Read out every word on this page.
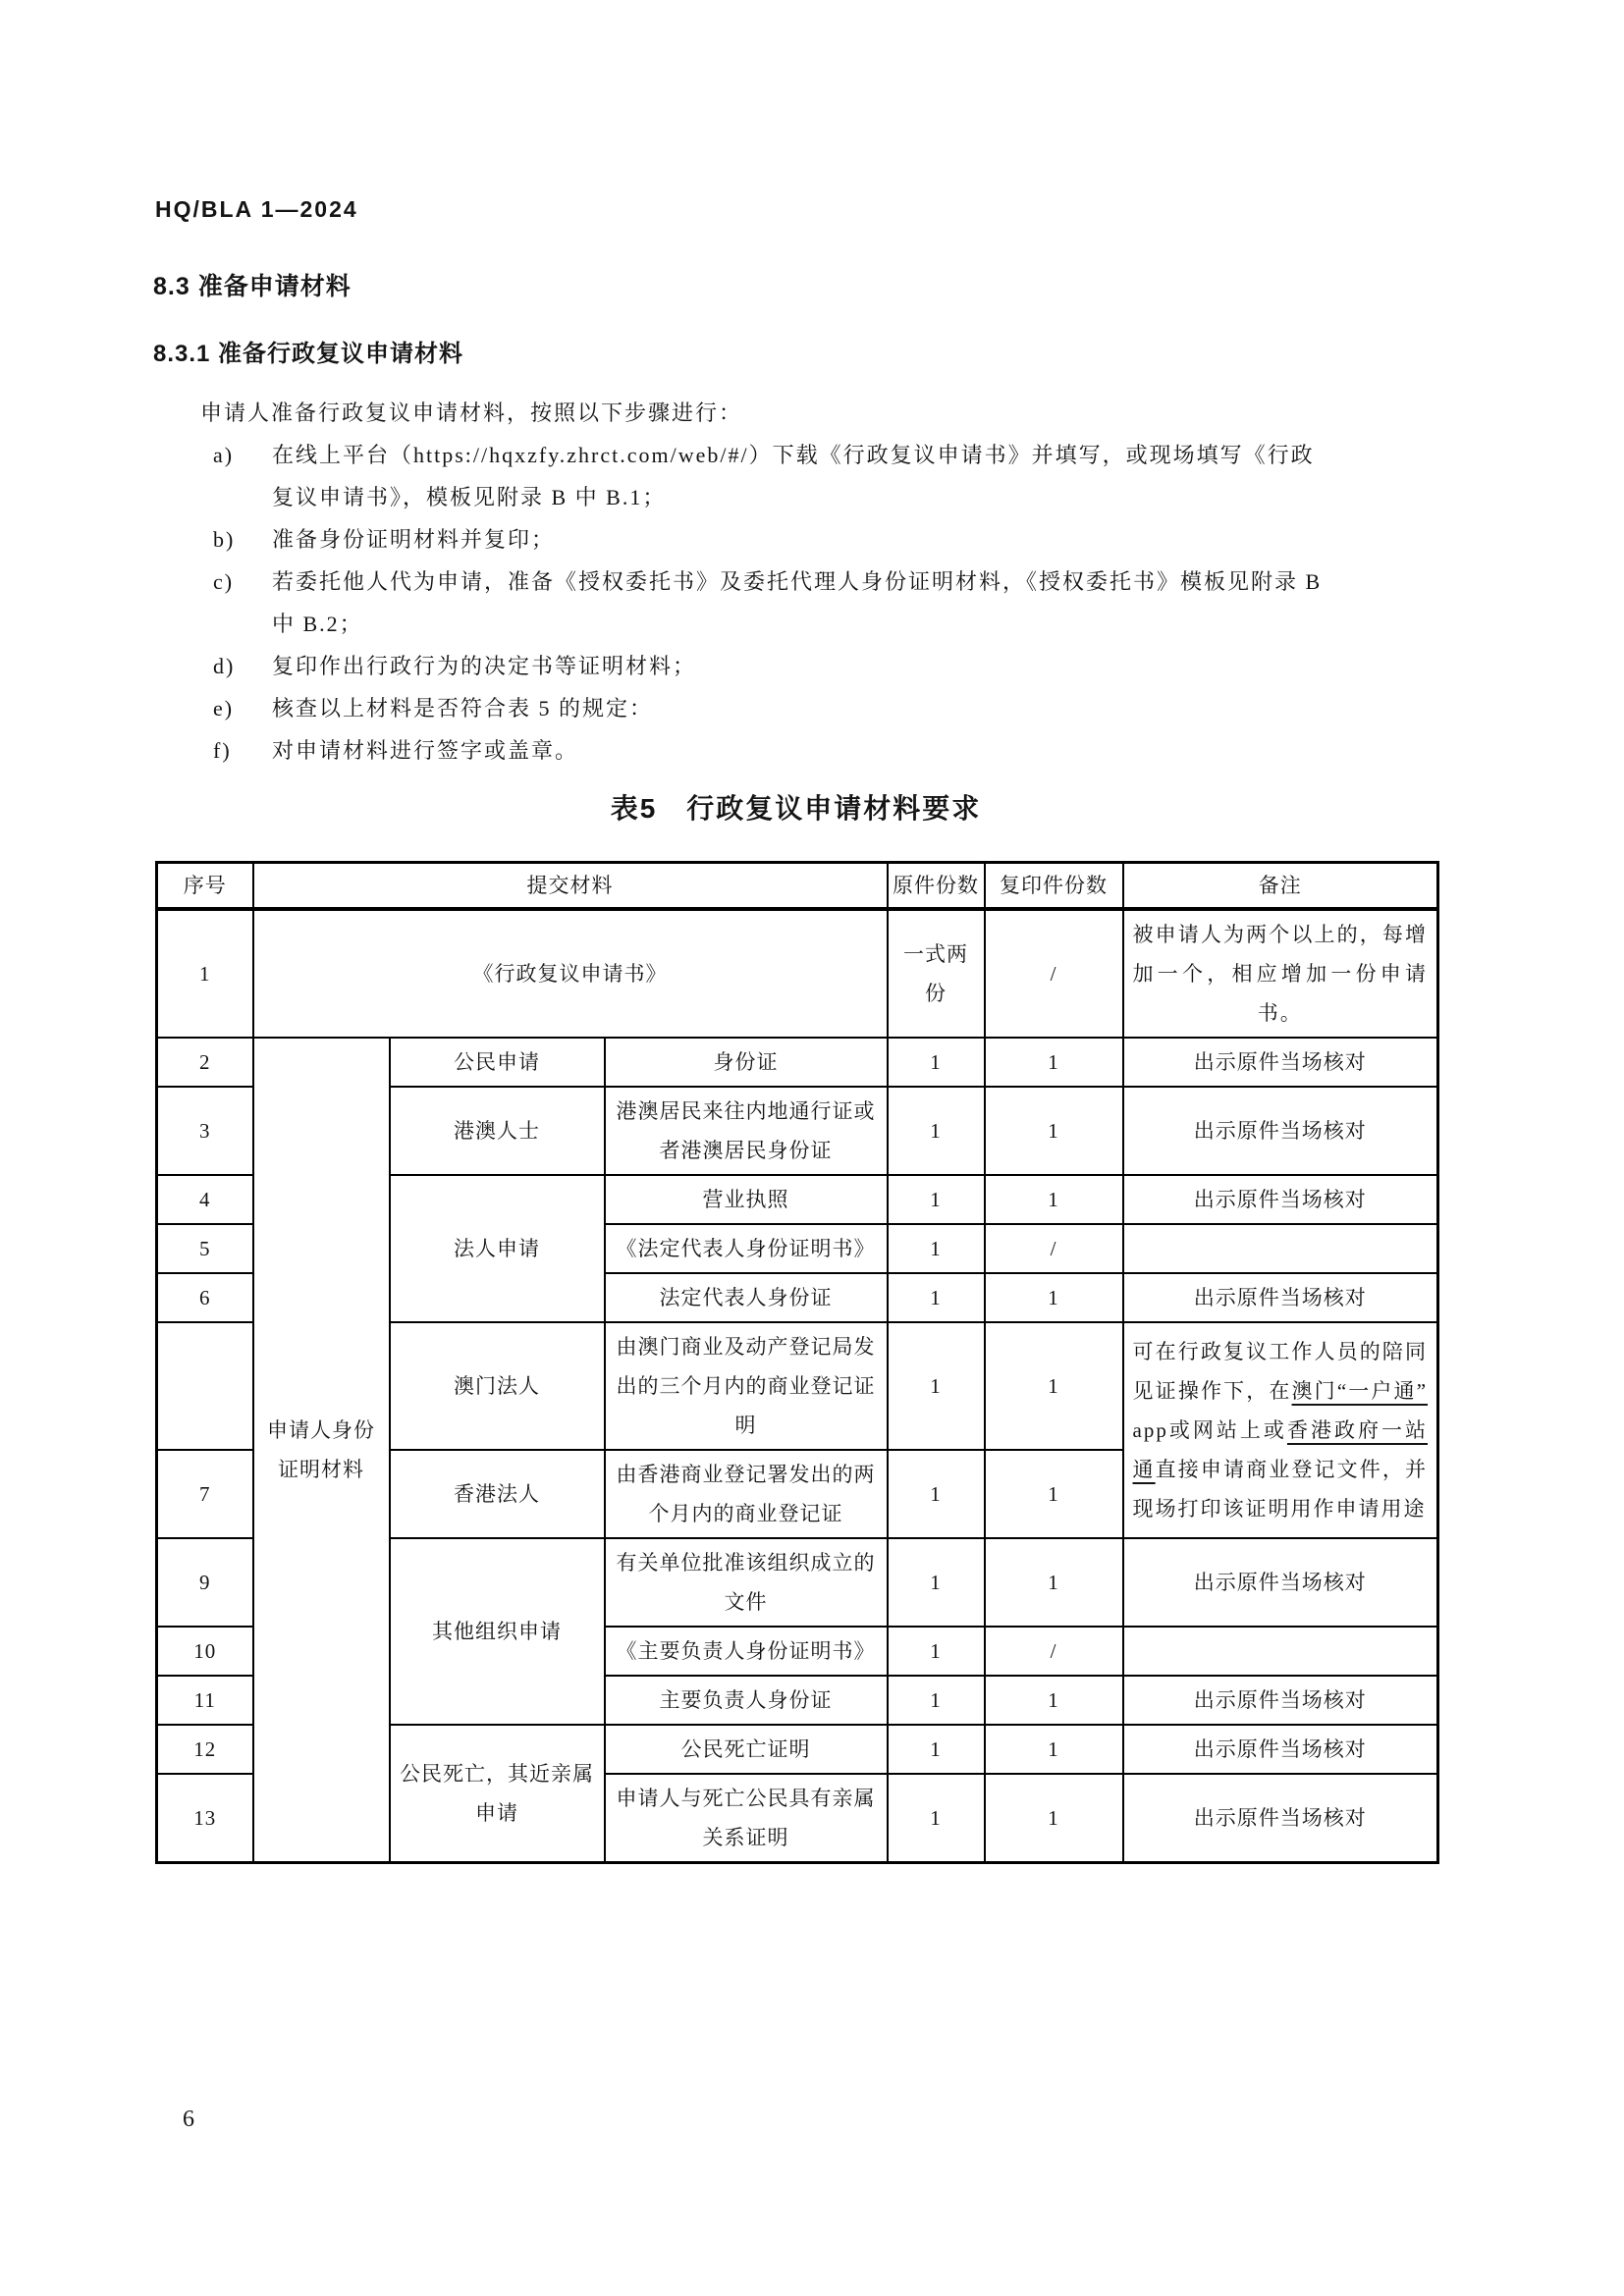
HQ/BLA 1—2024
8.3 准备申请材料
8.3.1 准备行政复议申请材料
申请人准备行政复议申请材料，按照以下步骤进行：
a) 在线上平台（https://hqxzfy.zhrct.com/web/#/）下载《行政复议申请书》并填写，或现场填写《行政复议申请书》，模板见附录 B 中 B.1；
b) 准备身份证明材料并复印；
c) 若委托他人代为申请，准备《授权委托书》及委托代理人身份证明材料，《授权委托书》模板见附录 B 中 B.2；
d) 复印作出行政行为的决定书等证明材料；
e) 核查以上材料是否符合表 5 的规定：
f) 对申请材料进行签字或盖章。
表5　行政复议申请材料要求
序号	提交材料			原件份数	复印件份数	备注
1	《行政复议申请书》			一式两份	/	被申请人为两个以上的，每增加一个，相应增加一份申请书。
2	申请人身份证明材料	公民申请	身份证	1	1	出示原件当场核对
3		港澳人士	港澳居民来往内地通行证或者港澳居民身份证	1	1	出示原件当场核对
4		法人申请	营业执照	1	1	出示原件当场核对
5			《法定代表人身份证明书》	1	/	
6			法定代表人身份证	1	1	出示原件当场核对
		澳门法人	由澳门商业及动产登记局发出的三个月内的商业登记证明	1	1	可在行政复议工作人员的陪同见证操作下，在澳门“一户通” app或网站上或香港政府一站通直接申请商业登记文件，并现场打印该证明用作申请用途
7		香港法人	由香港商业登记署发出的两个月内的商业登记证	1	1	
9		其他组织申请	有关单位批准该组织成立的文件	1	1	出示原件当场核对
10			《主要负责人身份证明书》	1	/	
11			主要负责人身份证	1	1	出示原件当场核对
12		公民死亡，其近亲属申请	公民死亡证明	1	1	出示原件当场核对
13			申请人与死亡公民具有亲属关系证明	1	1	出示原件当场核对
6
